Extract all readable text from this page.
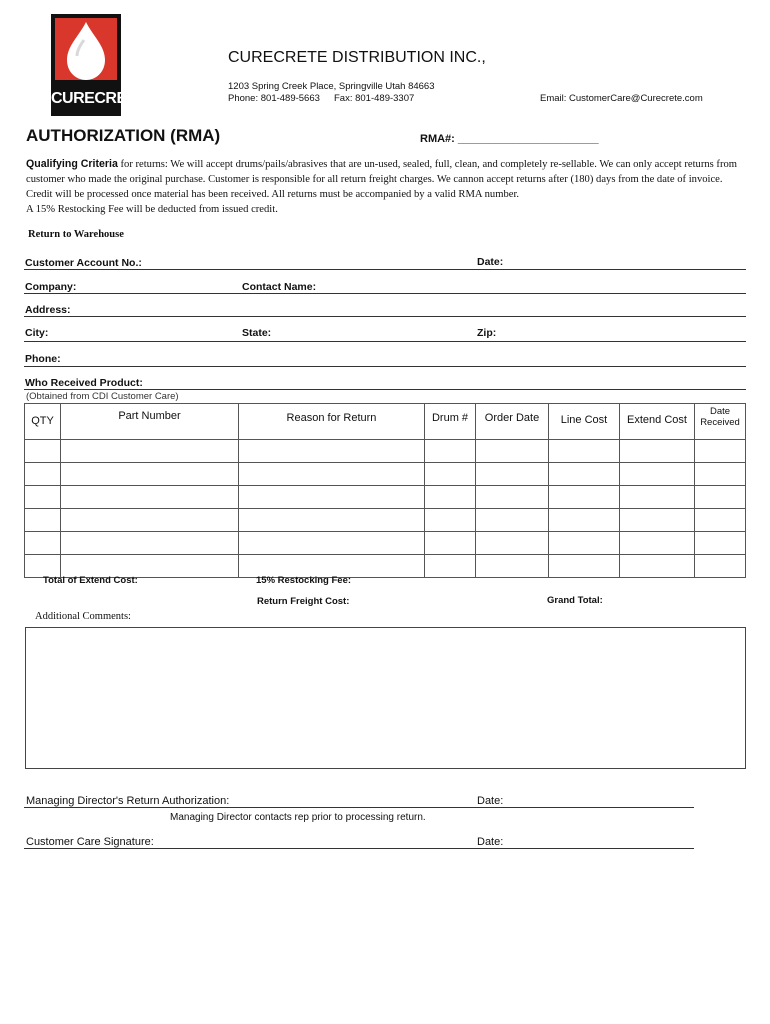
CURECRETE
CURECRETE DISTRIBUTION INC.,
1203 Spring Creek Place, Springville Utah 84663
Phone: 801-489-5663 Fax: 801-489-3307	Email: CustomerCare@Curecrete.com
AUTHORIZATION (RMA)	RMA#: _______________________
Qualifying Criteria for returns: We will accept drums/pails/abrasives that are un-used, sealed, full, clean, and completely re-sellable. We can only accept returns from customer who made the original purchase. Customer is responsible for all return freight charges. We cannon accept returns after (180) days from the date of invoice. Credit will be processed once material has been received. All returns must be accompanied by a valid RMA number.
A 15% Restocking Fee will be deducted from issued credit.
Return to Warehouse
Customer Account No.:	Date:
Company:	Contact Name:
Address:
City:	State:	Zip:
Phone:
Who Received Product:
(Obtained from CDI Customer Care)
QTY	Part Number	Reason for Return	Drum #	Order Date	Line Cost	Extend Cost	Date Received

Total of Extend Cost:	15% Restocking Fee:
Return Freight Cost:	Grand Total:
Additional Comments:
Managing Director's Return Authorization:	Date:
Managing Director contacts rep prior to processing return.
Customer Care Signature:	Date:
